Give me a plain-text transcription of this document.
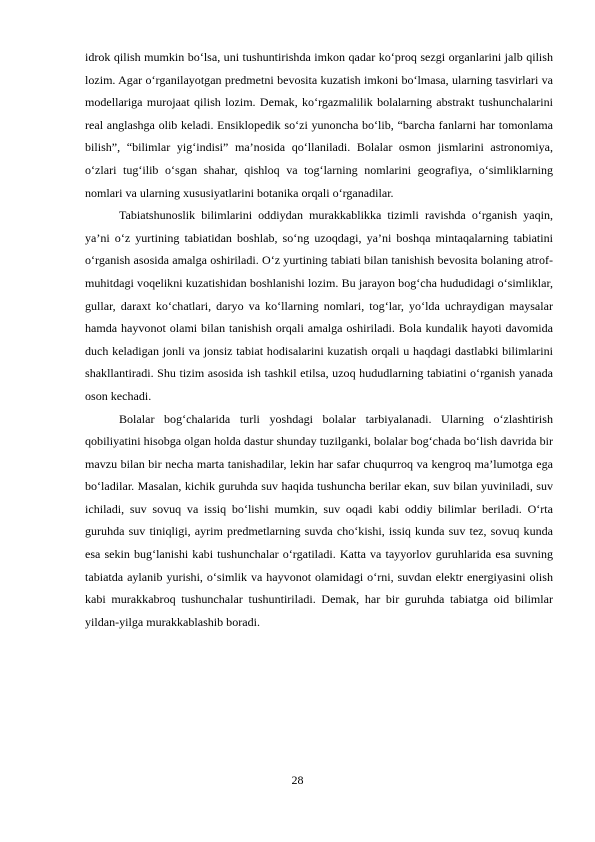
idrok qilish mumkin bo‘lsa, uni tushuntirishda imkon qadar ko‘proq sezgi organlarini jalb qilish lozim. Agar o‘rganilayotgan predmetni bevosita kuzatish imkoni bo‘lmasa, ularning tasvirlari va modellariga murojaat qilish lozim. Demak, ko‘rgazmalilik bolalarning abstrakt tushunchalarini real anglashga olib keladi. Ensiklopedik so‘zi yunoncha bo‘lib, “barcha fanlarni har tomonlama bilish”, “bilimlar yig‘indisi” ma’nosida qo‘llaniladi. Bolalar osmon jismlarini astronomiya, o‘zlari tug‘ilib o‘sgan shahar, qishloq va tog‘larning nomlarini geografiya, o‘simliklarning nomlari va ularning xususiyatlarini botanika orqali o‘rganadilar.

Tabiatshunoslik bilimlarini oddiydan murakkablikka tizimli ravishda o‘rganish yaqin, ya’ni o‘z yurtining tabiatidan boshlab, so‘ng uzoqdagi, ya’ni boshqa mintaqalarning tabiatini o‘rganish asosida amalga oshiriladi. O‘z yurtining tabiati bilan tanishish bevosita bolaning atrof-muhitdagi voqelikni kuzatishidan boshlanishi lozim. Bu jarayon bog‘cha hududidagi o‘simliklar, gullar, daraxt ko‘chatlari, daryo va ko‘llarning nomlari, tog‘lar, yo‘lda uchraydigan maysalar hamda hayvonot olami bilan tanishish orqali amalga oshiriladi. Bola kundalik hayoti davomida duch keladigan jonli va jonsiz tabiat hodisalarini kuzatish orqali u haqdagi dastlabki bilimlarini shakllantiradi. Shu tizim asosida ish tashkil etilsa, uzoq hududlarning tabiatini o‘rganish yanada oson kechadi.

Bolalar bog‘chalarida turli yoshdagi bolalar tarbiyalanadi. Ularning o‘zlashtirish qobiliyatini hisobga olgan holda dastur shunday tuzilganki, bolalar bog‘chada bo‘lish davrida bir mavzu bilan bir necha marta tanishadilar, lekin har safar chuqurroq va kengroq ma’lumotga ega bo‘ladilar. Masalan, kichik guruhda suv haqida tushuncha berilar ekan, suv bilan yuviniladi, suv ichiladi, suv sovuq va issiq bo‘lishi mumkin, suv oqadi kabi oddiy bilimlar beriladi. O‘rta guruhda suv tiniqligi, ayrim predmetlarning suvda cho‘kishi, issiq kunda suv tez, sovuq kunda esa sekin bug‘lanishi kabi tushunchalar o‘rgatiladi. Katta va tayyorlov guruhlarida esa suvning tabiatda aylanib yurishi, o‘simlik va hayvonot olamidagi o‘rni, suvdan elektr energiyasini olish kabi murakkabroq tushunchalar tushuntiriladi. Demak, har bir guruhda tabiatga oid bilimlar yildan-yilga murakkablashib boradi.

28
